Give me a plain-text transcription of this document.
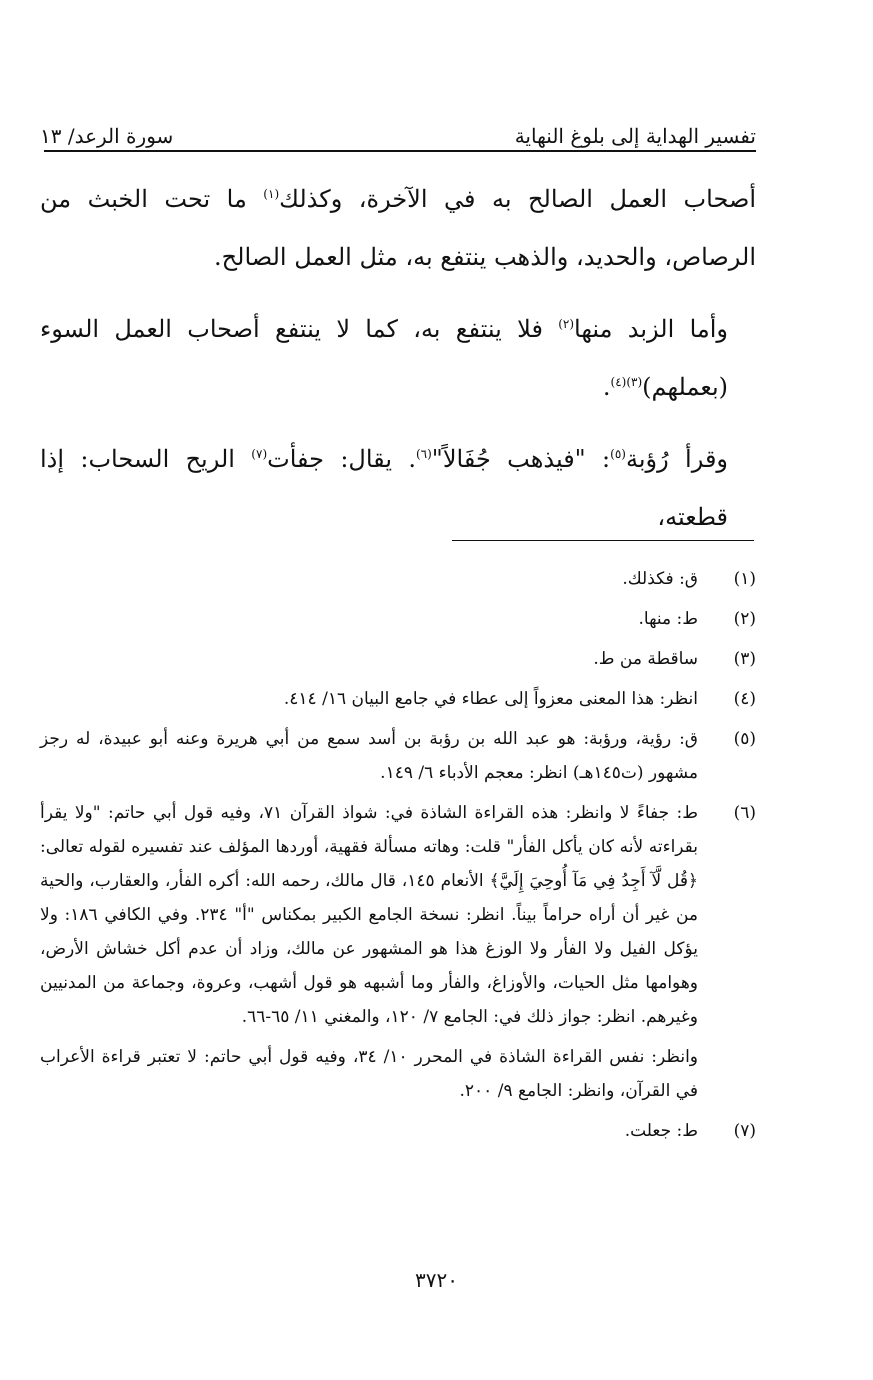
تفسير الهداية إلى بلوغ النهاية
سورة الرعد/ ١٣

أصحاب العمل الصالح به في الآخرة، وكذلك$^{(١)}$ ما تحت الخبث من الرصاص، والحديد، والذهب ينتفع به، مثل العمل الصالح.

وأما الزبد منها$^{(٢)}$ فلا ينتفع به، كما لا ينتفع أصحاب العمل السوء (بعملهم)$^{(٣)(٤)}$.

وقرأ رُؤبة$^{(٥)}$: "فيذهب جُفَالاً"$^{(٦)}$. يقال: جفأت$^{(٧)}$ الريح السحاب: إذا قطعته،

(١)
ق: فكذلك.
(٢)
ط: منها.
(٣)
ساقطة من ط.
(٤)
انظر: هذا المعنى معزواً إلى عطاء في جامع البيان ١٦/ ٤١٤.
(٥)
ق: رؤية، ورؤبة: هو عبد الله بن رؤبة بن أسد سمع من أبي هريرة وعنه أبو عبيدة، له رجز مشهور (ت١٤٥هـ) انظر: معجم الأدباء ٦/ ١٤٩.
(٦)
ط: جفاءً لا وانظر: هذه القراءة الشاذة في: شواذ القرآن ٧١، وفيه قول أبي حاتم: "ولا يقرأ بقراءته لأنه كان يأكل الفأر" قلت: وهاته مسألة فقهية، أوردها المؤلف عند تفسيره لقوله تعالى: ﴿قُل لَّآ أَجِدُ فِي مَآ أُوحِيَ إِلَيَّ﴾ الأنعام ١٤٥، قال مالك، رحمه الله: أكره الفأر، والعقارب، والحية من غير أن أراه حراماً بيناً. انظر: نسخة الجامع الكبير بمكناس "أ" ٢٣٤. وفي الكافي ١٨٦: ولا يؤكل الفيل ولا الفأر ولا الوزغ هذا هو المشهور عن مالك، وزاد أن عدم أكل خشاش الأرض، وهوامها مثل الحيات، والأوزاغ، والفأر وما أشبهه هو قول أشهب، وعروة، وجماعة من المدنيين وغيرهم. انظر: جواز ذلك في: الجامع ٧/ ١٢٠، والمغني ١١/ ٦٥-٦٦.
وانظر: نفس القراءة الشاذة في المحرر ١٠/ ٣٤، وفيه قول أبي حاتم: لا تعتبر قراءة الأعراب في القرآن، وانظر: الجامع ٩/ ٢٠٠.
(٧)
ط: جعلت.
٣٧٢٠
